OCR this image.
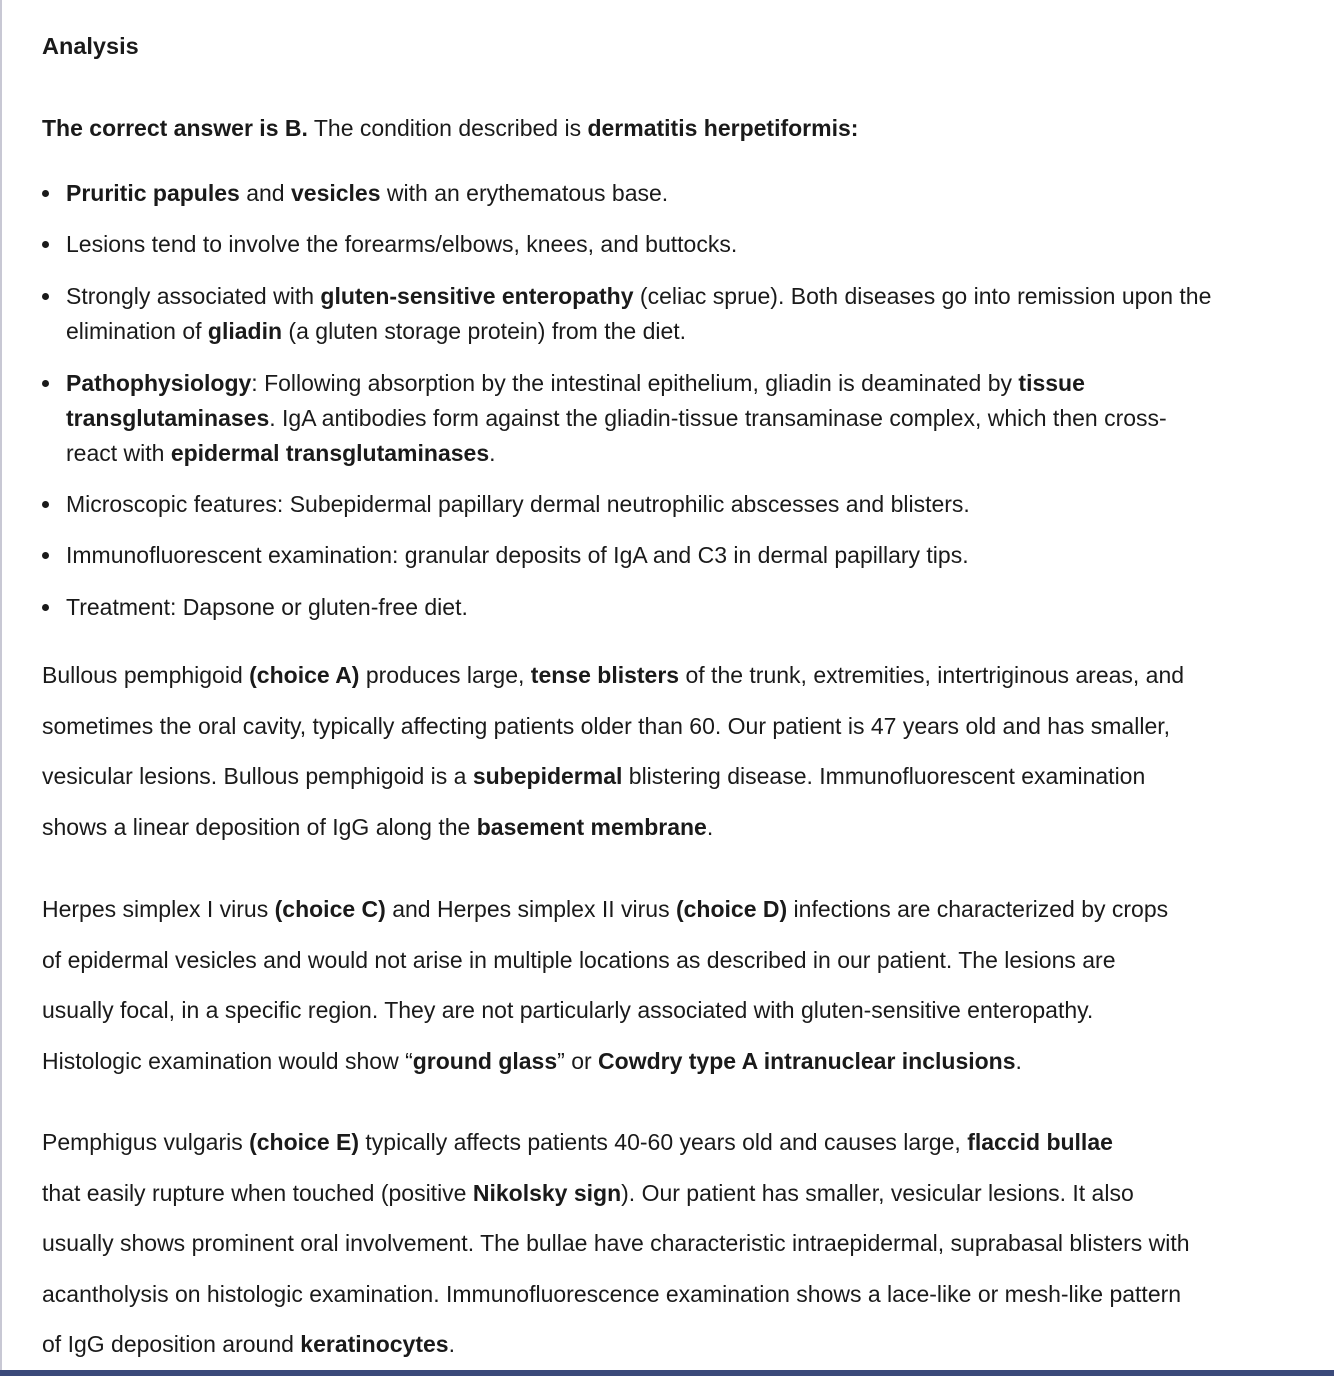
Analysis
The correct answer is B. The condition described is dermatitis herpetiformis:
Pruritic papules and vesicles with an erythematous base.
Lesions tend to involve the forearms/elbows, knees, and buttocks.
Strongly associated with gluten-sensitive enteropathy (celiac sprue). Both diseases go into remission upon the
elimination of gliadin (a gluten storage protein) from the diet.
Pathophysiology: Following absorption by the intestinal epithelium, gliadin is deaminated by tissue
transglutaminases. IgA antibodies form against the gliadin-tissue transaminase complex, which then cross-
react with epidermal transglutaminases.
Microscopic features: Subepidermal papillary dermal neutrophilic abscesses and blisters.
Immunofluorescent examination: granular deposits of IgA and C3 in dermal papillary tips.
Treatment: Dapsone or gluten-free diet.
Bullous pemphigoid (choice A) produces large, tense blisters of the trunk, extremities, intertriginous areas, and
sometimes the oral cavity, typically affecting patients older than 60. Our patient is 47 years old and has smaller,
vesicular lesions. Bullous pemphigoid is a subepidermal blistering disease. Immunofluorescent examination
shows a linear deposition of IgG along the basement membrane.
Herpes simplex I virus (choice C) and Herpes simplex II virus (choice D) infections are characterized by crops
of epidermal vesicles and would not arise in multiple locations as described in our patient. The lesions are
usually focal, in a specific region. They are not particularly associated with gluten-sensitive enteropathy.
Histologic examination would show “ground glass” or Cowdry type A intranuclear inclusions.
Pemphigus vulgaris (choice E) typically affects patients 40-60 years old and causes large, flaccid bullae
that easily rupture when touched (positive Nikolsky sign). Our patient has smaller, vesicular lesions. It also
usually shows prominent oral involvement. The bullae have characteristic intraepidermal, suprabasal blisters with
acantholysis on histologic examination. Immunofluorescence examination shows a lace-like or mesh-like pattern
of IgG deposition around keratinocytes.
